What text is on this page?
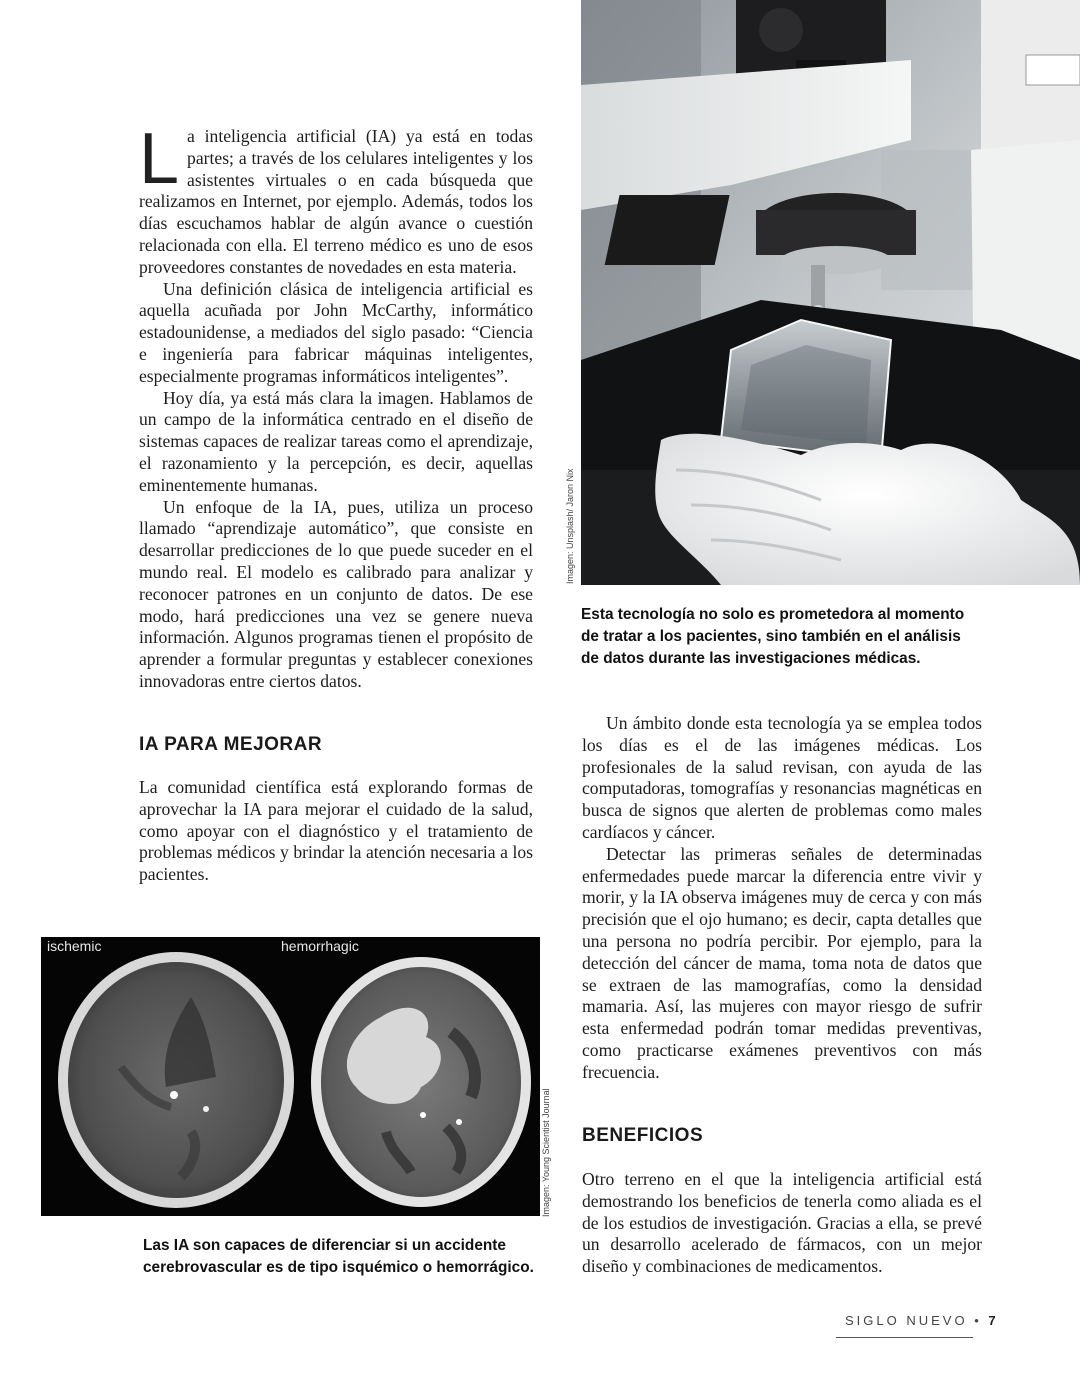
L a inteligencia artificial (IA) ya está en todas partes; a través de los celulares inteligentes y los asistentes virtuales o en cada búsqueda que realizamos en Internet, por ejemplo. Además, todos los días escuchamos hablar de algún avance o cuestión relacionada con ella. El terreno médico es uno de esos proveedores constantes de novedades en esta materia.

Una definición clásica de inteligencia artificial es aquella acuñada por John McCarthy, informático estadounidense, a mediados del siglo pasado: “Ciencia e ingeniería para fabricar máquinas inteligentes, especialmente programas informáticos inteligentes”.

Hoy día, ya está más clara la imagen. Hablamos de un campo de la informática centrado en el diseño de sistemas capaces de realizar tareas como el aprendizaje, el razonamiento y la percepción, es decir, aquellas eminentemente humanas.

Un enfoque de la IA, pues, utiliza un proceso llamado “aprendizaje automático”, que consiste en desarrollar predicciones de lo que puede suceder en el mundo real. El modelo es calibrado para analizar y reconocer patrones en un conjunto de datos. De ese modo, hará predicciones una vez se genere nueva información. Algunos programas tienen el propósito de aprender a formular preguntas y establecer conexiones innovadoras entre ciertos datos.

IA PARA MEJORAR

La comunidad científica está explorando formas de aprovechar la IA para mejorar el cuidado de la salud, como apoyar con el diagnóstico y el tratamiento de problemas médicos y brindar la atención necesaria a los pacientes.

Imagen: Unsplash/ Jaron Nix

Esta tecnología no solo es prometedora al momento de tratar a los pacientes, sino también en el análisis de datos durante las investigaciones médicas.

Un ámbito donde esta tecnología ya se emplea todos los días es el de las imágenes médicas. Los profesionales de la salud revisan, con ayuda de las computadoras, tomografías y resonancias magnéticas en busca de signos que alerten de problemas como males cardíacos y cáncer.

Detectar las primeras señales de determinadas enfermedades puede marcar la diferencia entre vivir y morir, y la IA observa imágenes muy de cerca y con más precisión que el ojo humano; es decir, capta detalles que una persona no podría percibir. Por ejemplo, para la detección del cáncer de mama, toma nota de datos que se extraen de las mamografías, como la densidad mamaria. Así, las mujeres con mayor riesgo de sufrir esta enfermedad podrán tomar medidas preventivas, como practicarse exámenes preventivos con más frecuencia.

BENEFICIOS

Otro terreno en el que la inteligencia artificial está demostrando los beneficios de tenerla como aliada es el de los estudios de investigación. Gracias a ella, se prevé un desarrollo acelerado de fármacos, con un mejor diseño y combinaciones de medicamentos.

ischemic	hemorrhagic
Imagen: Young Scientist Journal

Las IA son capaces de diferenciar si un accidente cerebrovascular es de tipo isquémico o hemorrágico.

SIGLO NUEVO • 7
